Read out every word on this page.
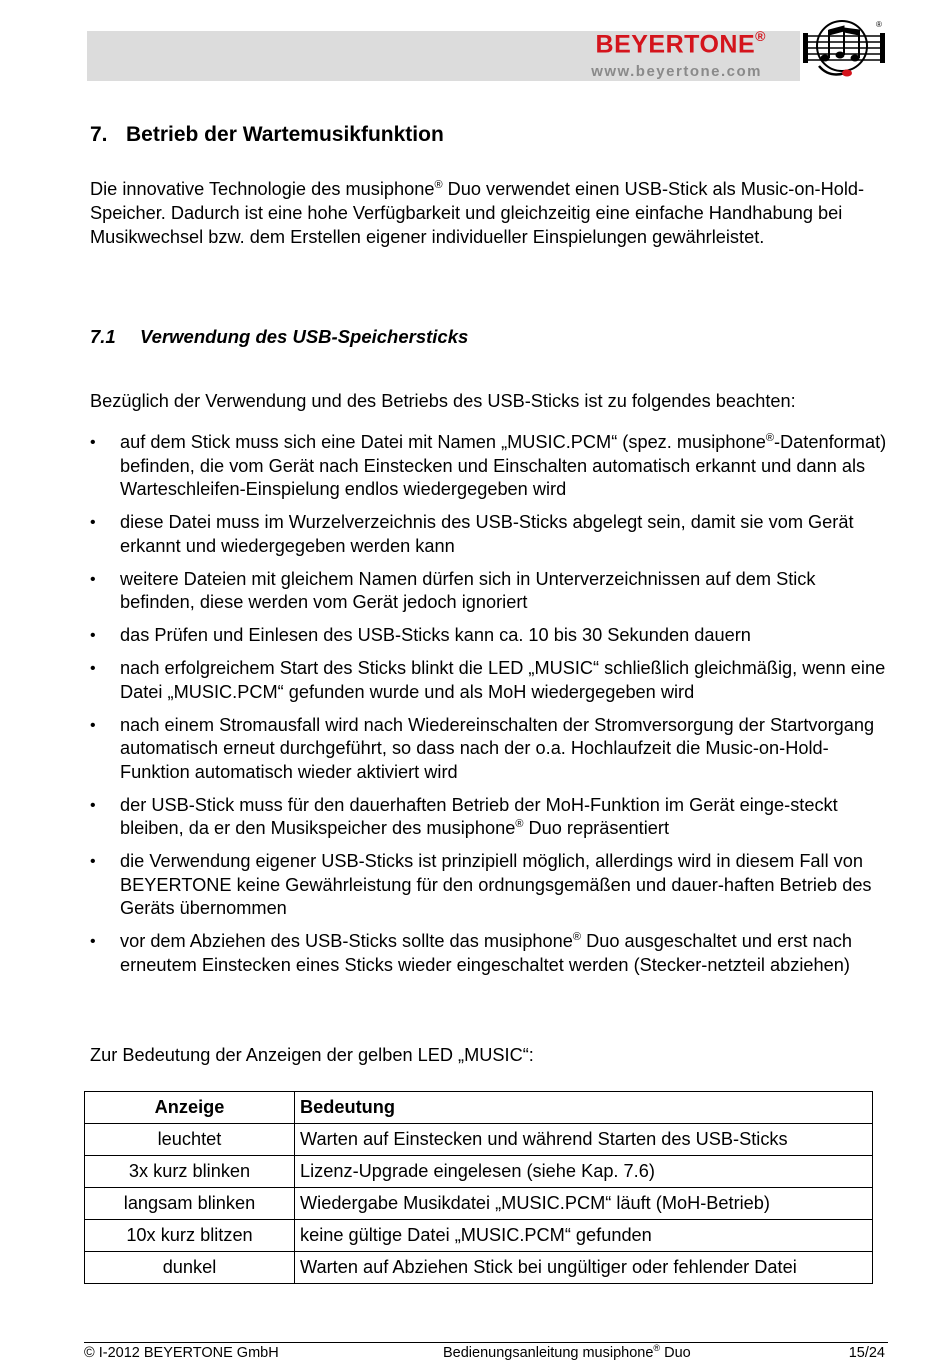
BEYERTONE®
www.beyertone.com
®
7. Betrieb der Wartemusikfunktion
Die innovative Technologie des musiphone® Duo verwendet einen USB-Stick als Music-on-Hold-Speicher. Dadurch ist eine hohe Verfügbarkeit und gleichzeitig eine einfache Handhabung bei Musikwechsel bzw. dem Erstellen eigener individueller Einspielungen gewährleistet.
7.1 Verwendung des USB-Speichersticks
Bezüglich der Verwendung und des Betriebs des USB-Sticks ist zu folgendes beachten:
• auf dem Stick muss sich eine Datei mit Namen „MUSIC.PCM“ (spez. musiphone®-Datenformat) befinden, die vom Gerät nach Einstecken und Einschalten automatisch erkannt und dann als Warteschleifen-Einspielung endlos wiedergegeben wird
• diese Datei muss im Wurzelverzeichnis des USB-Sticks abgelegt sein, damit sie vom Gerät erkannt und wiedergegeben werden kann
• weitere Dateien mit gleichem Namen dürfen sich in Unterverzeichnissen auf dem Stick befinden, diese werden vom Gerät jedoch ignoriert
• das Prüfen und Einlesen des USB-Sticks kann ca. 10 bis 30 Sekunden dauern
• nach erfolgreichem Start des Sticks blinkt die LED „MUSIC“ schließlich gleichmäßig, wenn eine Datei „MUSIC.PCM“ gefunden wurde und als MoH wiedergegeben wird
• nach einem Stromausfall wird nach Wiedereinschalten der Stromversorgung der Startvorgang automatisch erneut durchgeführt, so dass nach der o.a. Hochlaufzeit die Music-on-Hold-Funktion automatisch wieder aktiviert wird
• der USB-Stick muss für den dauerhaften Betrieb der MoH-Funktion im Gerät einge-steckt bleiben, da er den Musikspeicher des musiphone® Duo repräsentiert
• die Verwendung eigener USB-Sticks ist prinzipiell möglich, allerdings wird in diesem Fall von BEYERTONE keine Gewährleistung für den ordnungsgemäßen und dauer-haften Betrieb des Geräts übernommen
• vor dem Abziehen des USB-Sticks sollte das musiphone® Duo ausgeschaltet und erst nach erneutem Einstecken eines Sticks wieder eingeschaltet werden (Stecker-netzteil abziehen)
Zur Bedeutung der Anzeigen der gelben LED „MUSIC“:
Anzeige	Bedeutung
leuchtet	Warten auf Einstecken und während Starten des USB-Sticks
3x kurz blinken	Lizenz-Upgrade eingelesen (siehe Kap. 7.6)
langsam blinken	Wiedergabe Musikdatei „MUSIC.PCM“ läuft (MoH-Betrieb)
10x kurz blitzen	keine gültige Datei „MUSIC.PCM“ gefunden
dunkel	Warten auf Abziehen Stick bei ungültiger oder fehlender Datei
© I-2012 BEYERTONE GmbH	Bedienungsanleitung musiphone® Duo	15/24
